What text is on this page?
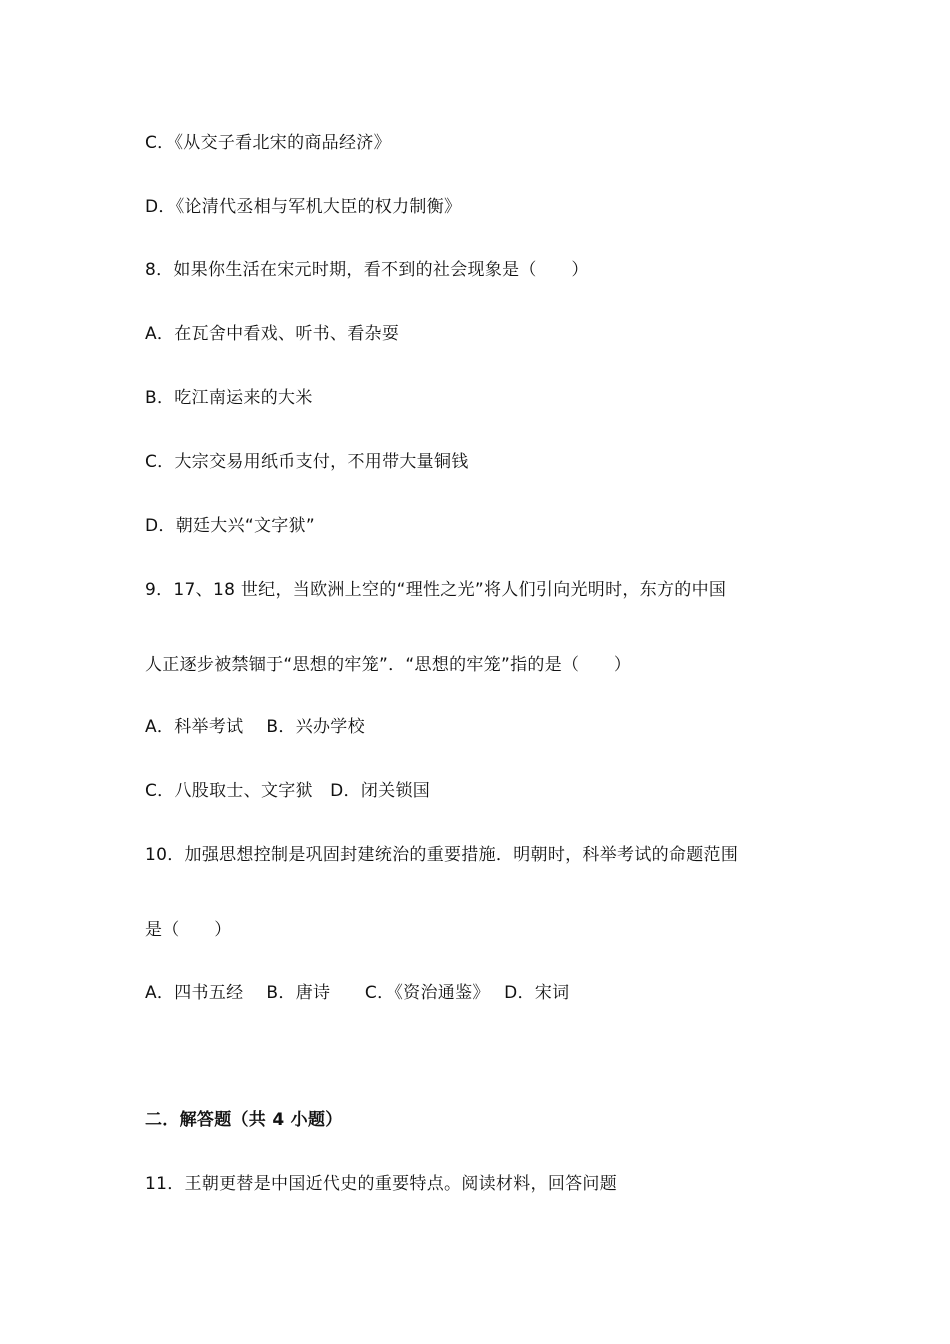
C．《从交子看北宋的商品经济》
D．《论清代丞相与军机大臣的权力制衡》
8．如果你生活在宋元时期，看不到的社会现象是（　　）
A．在瓦舍中看戏、听书、看杂耍
B．吃江南运来的大米
C．大宗交易用纸币支付，不用带大量铜钱
D．朝廷大兴“文字狱”
9．17、18 世纪，当欧洲上空的“理性之光”将人们引向光明时，东方的中国
人正逐步被禁锢于“思想的牢笼”．“思想的牢笼”指的是（　　）
A．科举考试　 B．兴办学校
C．八股取士、文字狱　D．闭关锁国
10．加强思想控制是巩固封建统治的重要措施．明朝时，科举考试的命题范围
是（　　）
A．四书五经　 B．唐诗　　C．《资治通鉴》　 D．宋词
二．解答题（共 4 小题）
11．王朝更替是中国近代史的重要特点。阅读材料，回答问题
